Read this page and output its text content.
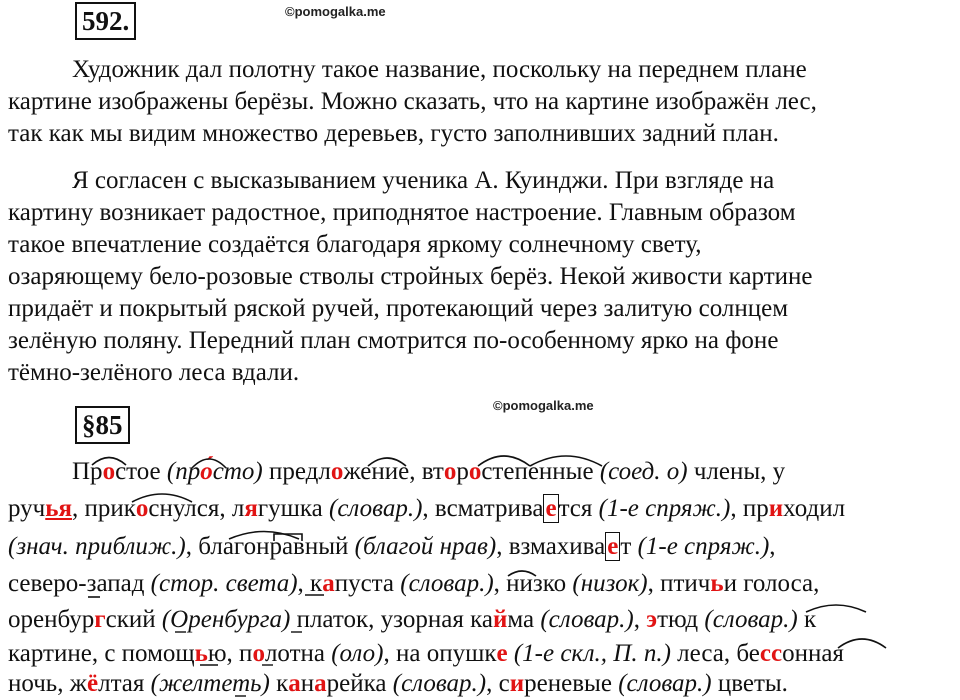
592.	©pomogalka.me
Художник дал полотну такое название, поскольку на переднем плане
картине изображены берёзы. Можно сказать, что на картине изображён лес,
так как мы видим множество деревьев, густо заполнивших задний план.
Я согласен с высказыванием ученика А. Куинджи. При взгляде на
картину возникает радостное, приподнятое настроение. Главным образом
такое впечатление создаётся благодаря яркому солнечному свету,
озаряющему бело-розовые стволы стройных берёз. Некой живости картине
придаёт и покрытый ряской ручей, протекающий через залитую солнцем
зелёную поляну. Передний план смотрится по-особенному ярко на фоне
тёмно-зелёного леса вдали.
§85
©pomogalka.me
Простое (про́сто) предложение, второстепенные (соед. о) члены, у
ручья, прикоснулся, лягушка (словар.), всматривается (1-е спряж.), приходил
(знач. приближ.), благонравный (благой нрав), взмахивает (1-е спряж.),
северо-запад (стор. света), капуста (словар.), низко (низок), птичьи голоса,
оренбургский (Оренбурга) платок, узорная кайма (словар.), этюд (словар.) к
картине, с помощью, полотна (оло), на опушке (1-е скл., П. п.) леса, бессонная
ночь, жёлтая (желтеть) канарейка (словар.), сиреневые (словар.) цветы.
